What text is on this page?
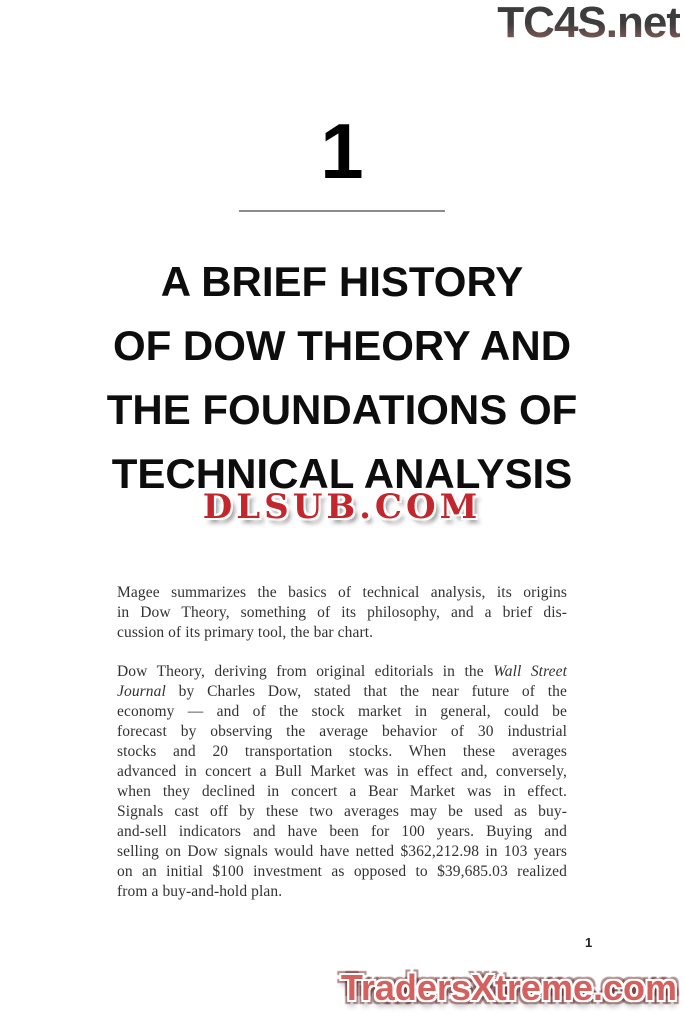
TC4S.net
1
A BRIEF HISTORY
OF DOW THEORY AND
THE FOUNDATIONS OF
TECHNICAL ANALYSIS
DLSUB.COM
Magee summarizes the basics of technical analysis, its origins
in Dow Theory, something of its philosophy, and a brief dis-
cussion of its primary tool, the bar chart.
Dow Theory, deriving from original editorials in the Wall Street
Journal by Charles Dow, stated that the near future of the
economy — and of the stock market in general, could be
forecast by observing the average behavior of 30 industrial
stocks and 20 transportation stocks. When these averages
advanced in concert a Bull Market was in effect and, conversely,
when they declined in concert a Bear Market was in effect.
Signals cast off by these two averages may be used as buy-
and-sell indicators and have been for 100 years. Buying and
selling on Dow signals would have netted $362,212.98 in 103 years
on an initial $100 investment as opposed to $39,685.03 realized
from a buy-and-hold plan.
1
TradersXtreme.com
